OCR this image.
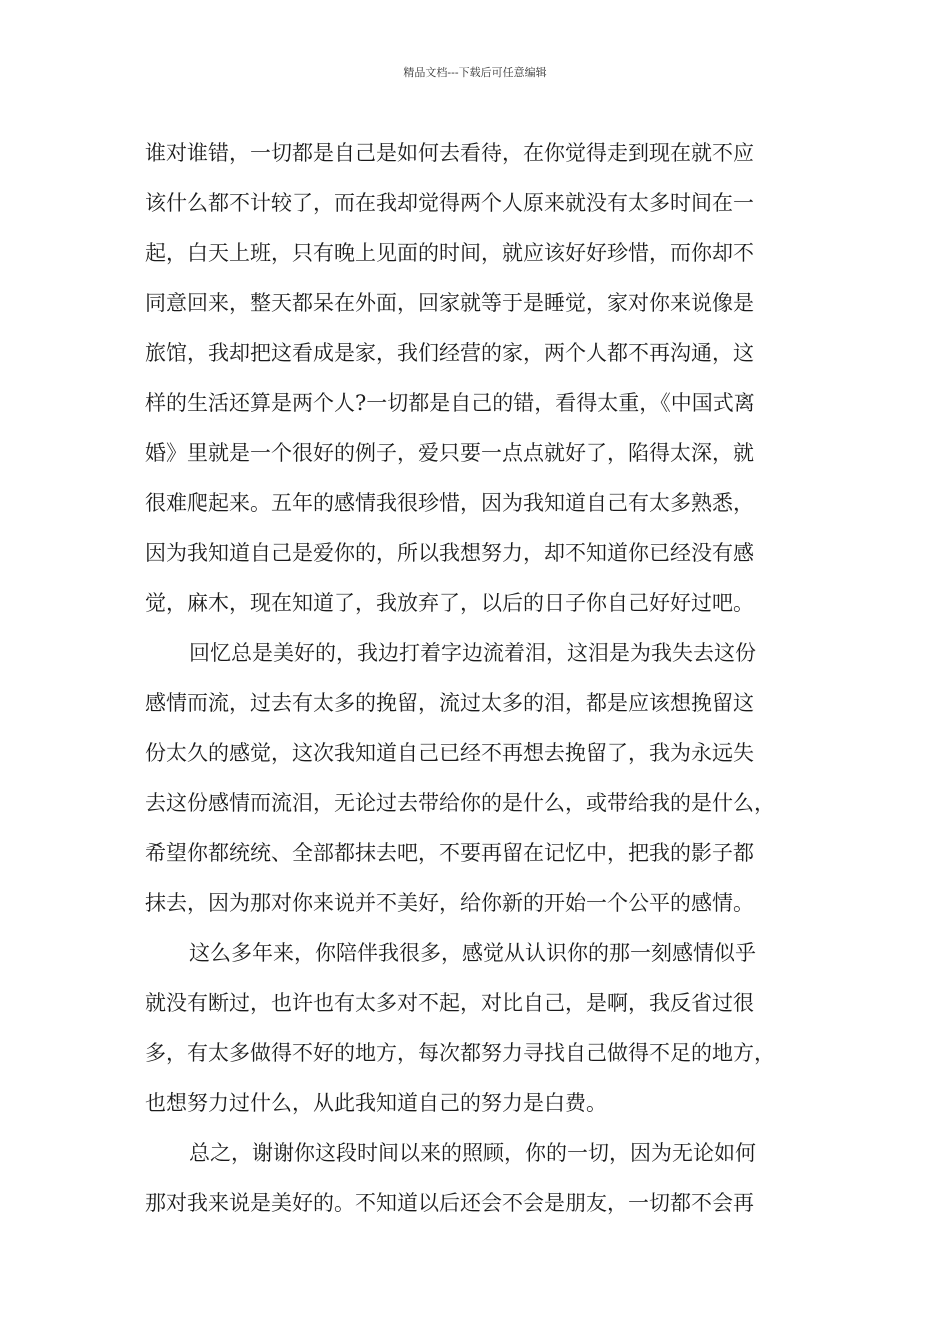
精品文档---下载后可任意编辑
谁对谁错，一切都是自己是如何去看待，在你觉得走到现在就不应
该什么都不计较了，而在我却觉得两个人原来就没有太多时间在一
起，白天上班，只有晚上见面的时间，就应该好好珍惜，而你却不
同意回来，整天都呆在外面，回家就等于是睡觉，家对你来说像是
旅馆，我却把这看成是家，我们经营的家，两个人都不再沟通，这
样的生活还算是两个人?一切都是自己的错，看得太重，《中国式离
婚》里就是一个很好的例子，爱只要一点点就好了，陷得太深，就
很难爬起来。五年的感情我很珍惜，因为我知道自己有太多熟悉，
因为我知道自己是爱你的，所以我想努力，却不知道你已经没有感
觉，麻木，现在知道了，我放弃了，以后的日子你自己好好过吧。
回忆总是美好的，我边打着字边流着泪，这泪是为我失去这份
感情而流，过去有太多的挽留，流过太多的泪，都是应该想挽留这
份太久的感觉，这次我知道自己已经不再想去挽留了，我为永远失
去这份感情而流泪，无论过去带给你的是什么，或带给我的是什么，
希望你都统统、全部都抹去吧，不要再留在记忆中，把我的影子都
抹去，因为那对你来说并不美好，给你新的开始一个公平的感情。
这么多年来，你陪伴我很多，感觉从认识你的那一刻感情似乎
就没有断过，也许也有太多对不起，对比自己，是啊，我反省过很
多，有太多做得不好的地方，每次都努力寻找自己做得不足的地方，
也想努力过什么，从此我知道自己的努力是白费。
总之，谢谢你这段时间以来的照顾，你的一切，因为无论如何
那对我来说是美好的。不知道以后还会不会是朋友，一切都不会再
